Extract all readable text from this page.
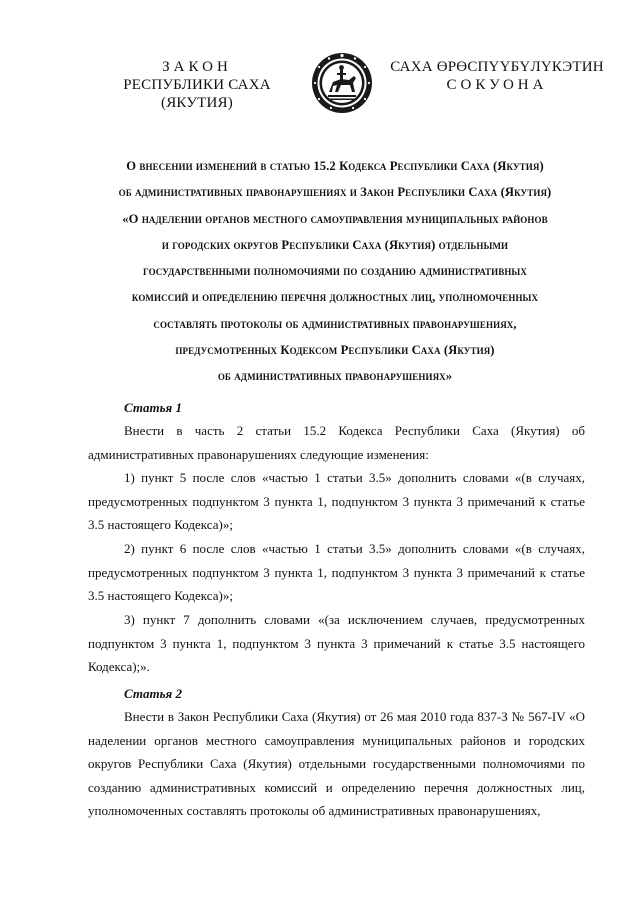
ЗАКОН
РЕСПУБЛИКИ САХА (ЯКУТИЯ)
САХА ӨРӨСПҮҮБҮЛҮКЭТИН
СОКУОНА
О внесении изменений в статью 15.2 Кодекса Республики Саха (Якутия)
об административных правонарушениях и Закон Республики Саха (Якутия)
«О наделении органов местного самоуправления муниципальных районов
и городских округов Республики Саха (Якутия) отдельными
государственными полномочиями по созданию административных
комиссий и определению перечня должностных лиц, уполномоченных
составлять протоколы об административных правонарушениях,
предусмотренных Кодексом Республики Саха (Якутия)
об административных правонарушениях»
Статья 1
Внести в часть 2 статьи 15.2 Кодекса Республики Саха (Якутия) об административных правонарушениях следующие изменения:
1) пункт 5 после слов «частью 1 статьи 3.5» дополнить словами «(в случаях, предусмотренных подпунктом 3 пункта 1, подпунктом 3 пункта 3 примечаний к статье 3.5 настоящего Кодекса)»;
2) пункт 6 после слов «частью 1 статьи 3.5» дополнить словами «(в случаях, предусмотренных подпунктом 3 пункта 1, подпунктом 3 пункта 3 примечаний к статье 3.5 настоящего Кодекса)»;
3) пункт 7 дополнить словами «(за исключением случаев, предусмотренных подпунктом 3 пункта 1, подпунктом 3 пункта 3 примечаний к статье 3.5 настоящего Кодекса);».
Статья 2
Внести в Закон Республики Саха (Якутия) от 26 мая 2010 года 837-З № 567-IV «О наделении органов местного самоуправления муниципальных районов и городских округов Республики Саха (Якутия) отдельными государственными полномочиями по созданию административных комиссий и определению перечня должностных лиц, уполномоченных составлять протоколы об административных правонарушениях,
